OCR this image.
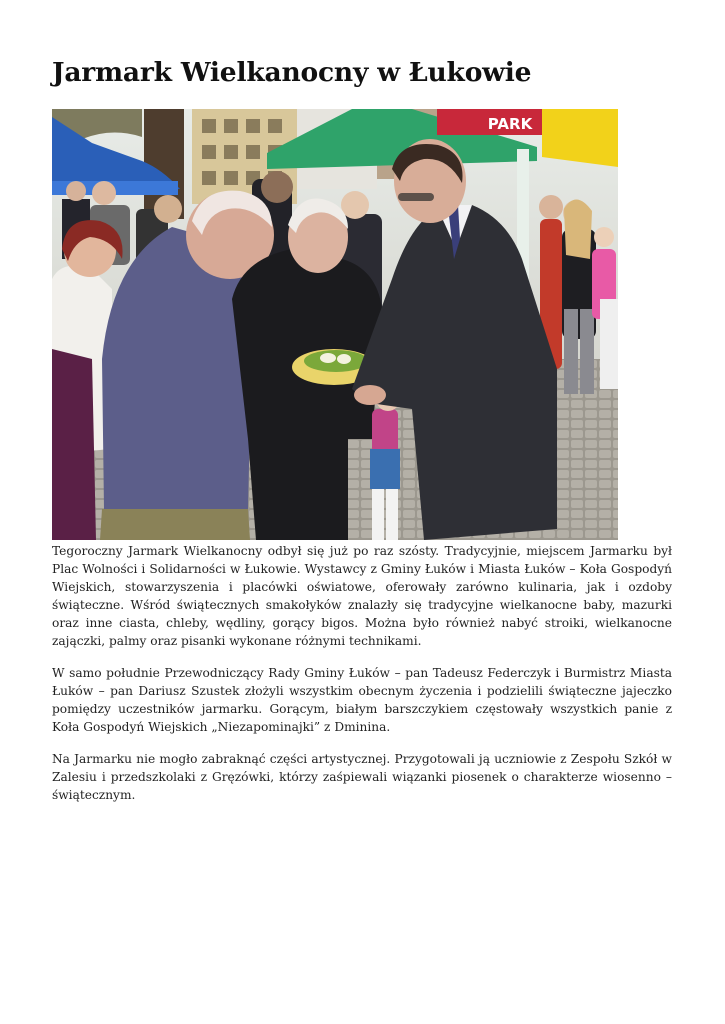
Jarmark Wielkanocny w Łukowie
PARK

Tegoroczny Jarmark Wielkanocny odbył się już po raz szósty. Tradycyjnie, miejscem Jarmarku był Plac Wolności i Solidarności w Łukowie. Wystawcy z Gminy Łuków i Miasta Łuków – Koła Gospodyń Wiejskich, stowarzyszenia i placówki oświatowe, oferowały zarówno kulinaria, jak i ozdoby świąteczne. Wśród świątecznych smakołyków znalazły się tradycyjne wielkanocne baby, mazurki oraz inne ciasta, chleby, wędliny, gorący bigos. Można było również nabyć stroiki, wielkanocne zajączki, palmy oraz pisanki wykonane różnymi technikami.

W samo południe Przewodniczący Rady Gminy Łuków – pan Tadeusz Federczyk i Burmistrz Miasta Łuków – pan Dariusz Szustek złożyli wszystkim obecnym życzenia i podzielili świąteczne jajeczko pomiędzy uczestników jarmarku. Gorącym, białym barszczykiem częstowały wszystkich panie z Koła Gospodyń Wiejskich „Niezapominajki” z Dminina.

Na Jarmarku nie mogło zabraknąć części artystycznej. Przygotowali ją uczniowie z Zespołu Szkół w Zalesiu i przedszkolaki z Gręzówki, którzy zaśpiewali wiązanki piosenek o charakterze wiosenno – świątecznym.
